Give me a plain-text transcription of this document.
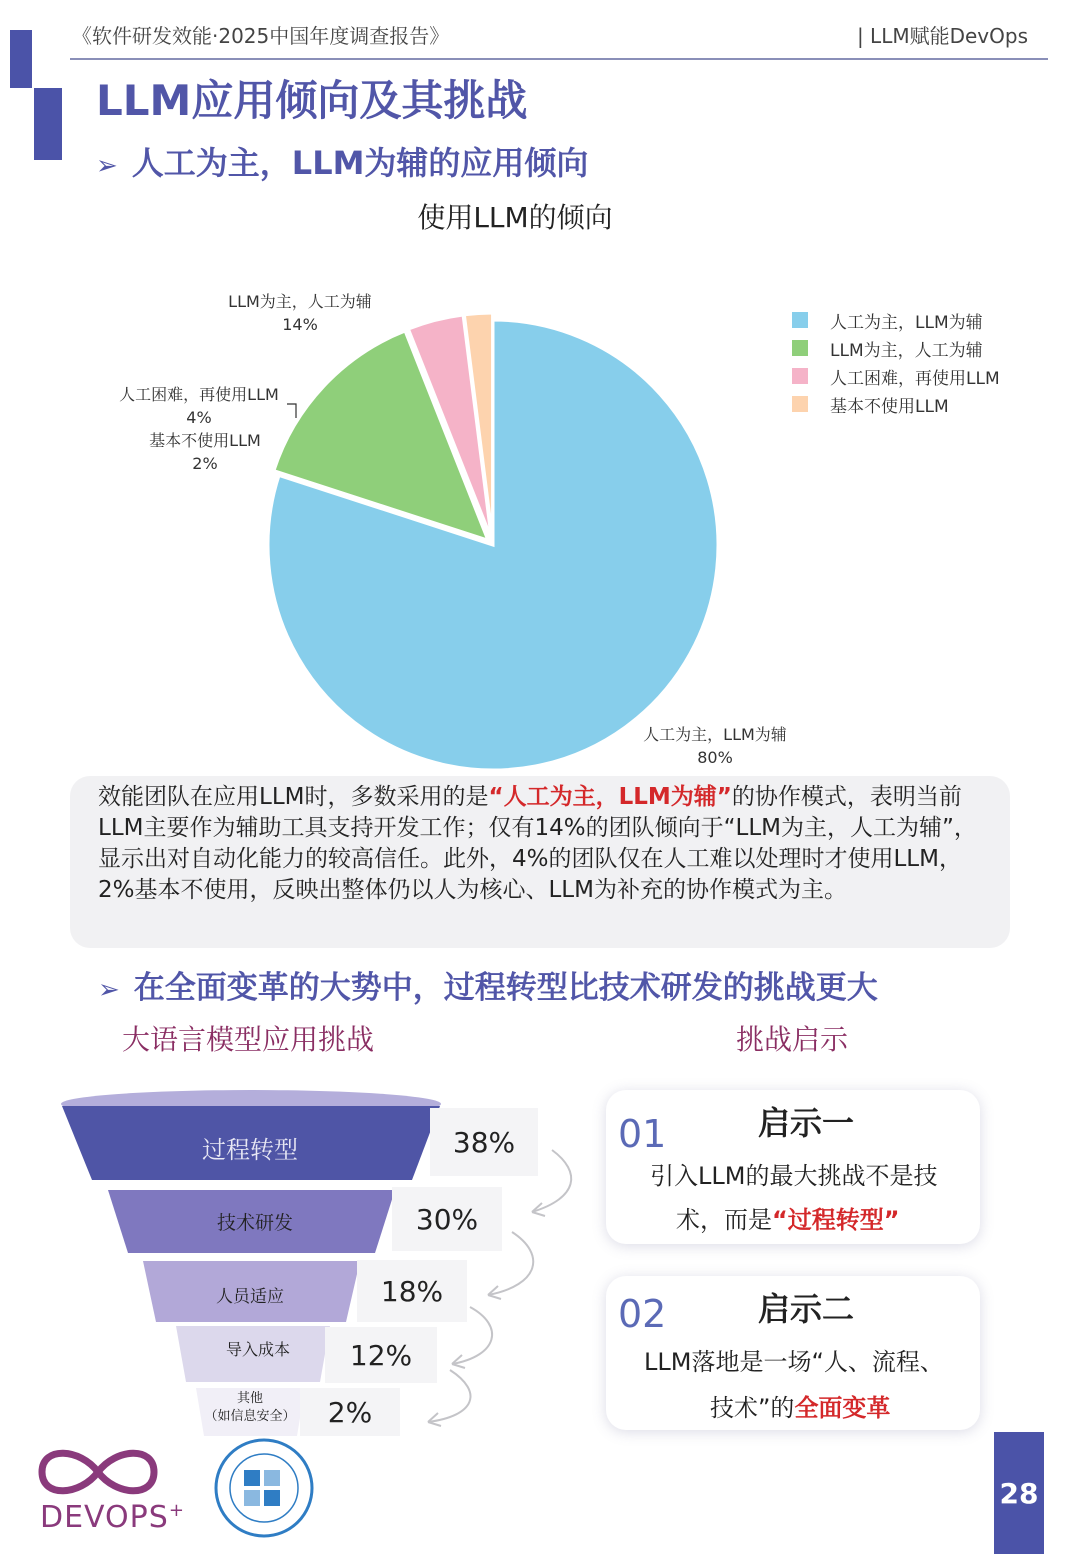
《软件研发效能·2025中国年度调查报告》	| LLM赋能DevOps
LLM应用倾向及其挑战
➢ 人工为主，LLM为辅的应用倾向
使用LLM的倾向
LLM为主，人工为辅
14%
人工困难，再使用LLM
4%
基本不使用LLM
2%
人工为主，LLM为辅
80%
人工为主，LLM为辅
LLM为主，人工为辅
人工困难，再使用LLM
基本不使用LLM
效能团队在应用LLM时，多数采用的是“人工为主，LLM为辅”的协作模式，表明当前LLM主要作为辅助工具支持开发工作；仅有14%的团队倾向于“LLM为主，人工为辅”，显示出对自动化能力的较高信任。此外，4%的团队仅在人工难以处理时才使用LLM，2%基本不使用，反映出整体仍以人为核心、LLM为补充的协作模式为主。
➢ 在全面变革的大势中，过程转型比技术研发的挑战更大
大语言模型应用挑战	挑战启示
过程转型
技术研发
人员适应
导入成本
其他
（如信息安全）
38%
30%
18%
12%
2%
01	启示一
引入LLM的最大挑战不是技
术，而是“过程转型”
02	启示二
LLM落地是一场“人、流程、
技术”的全面变革
DEVOPS+
28
